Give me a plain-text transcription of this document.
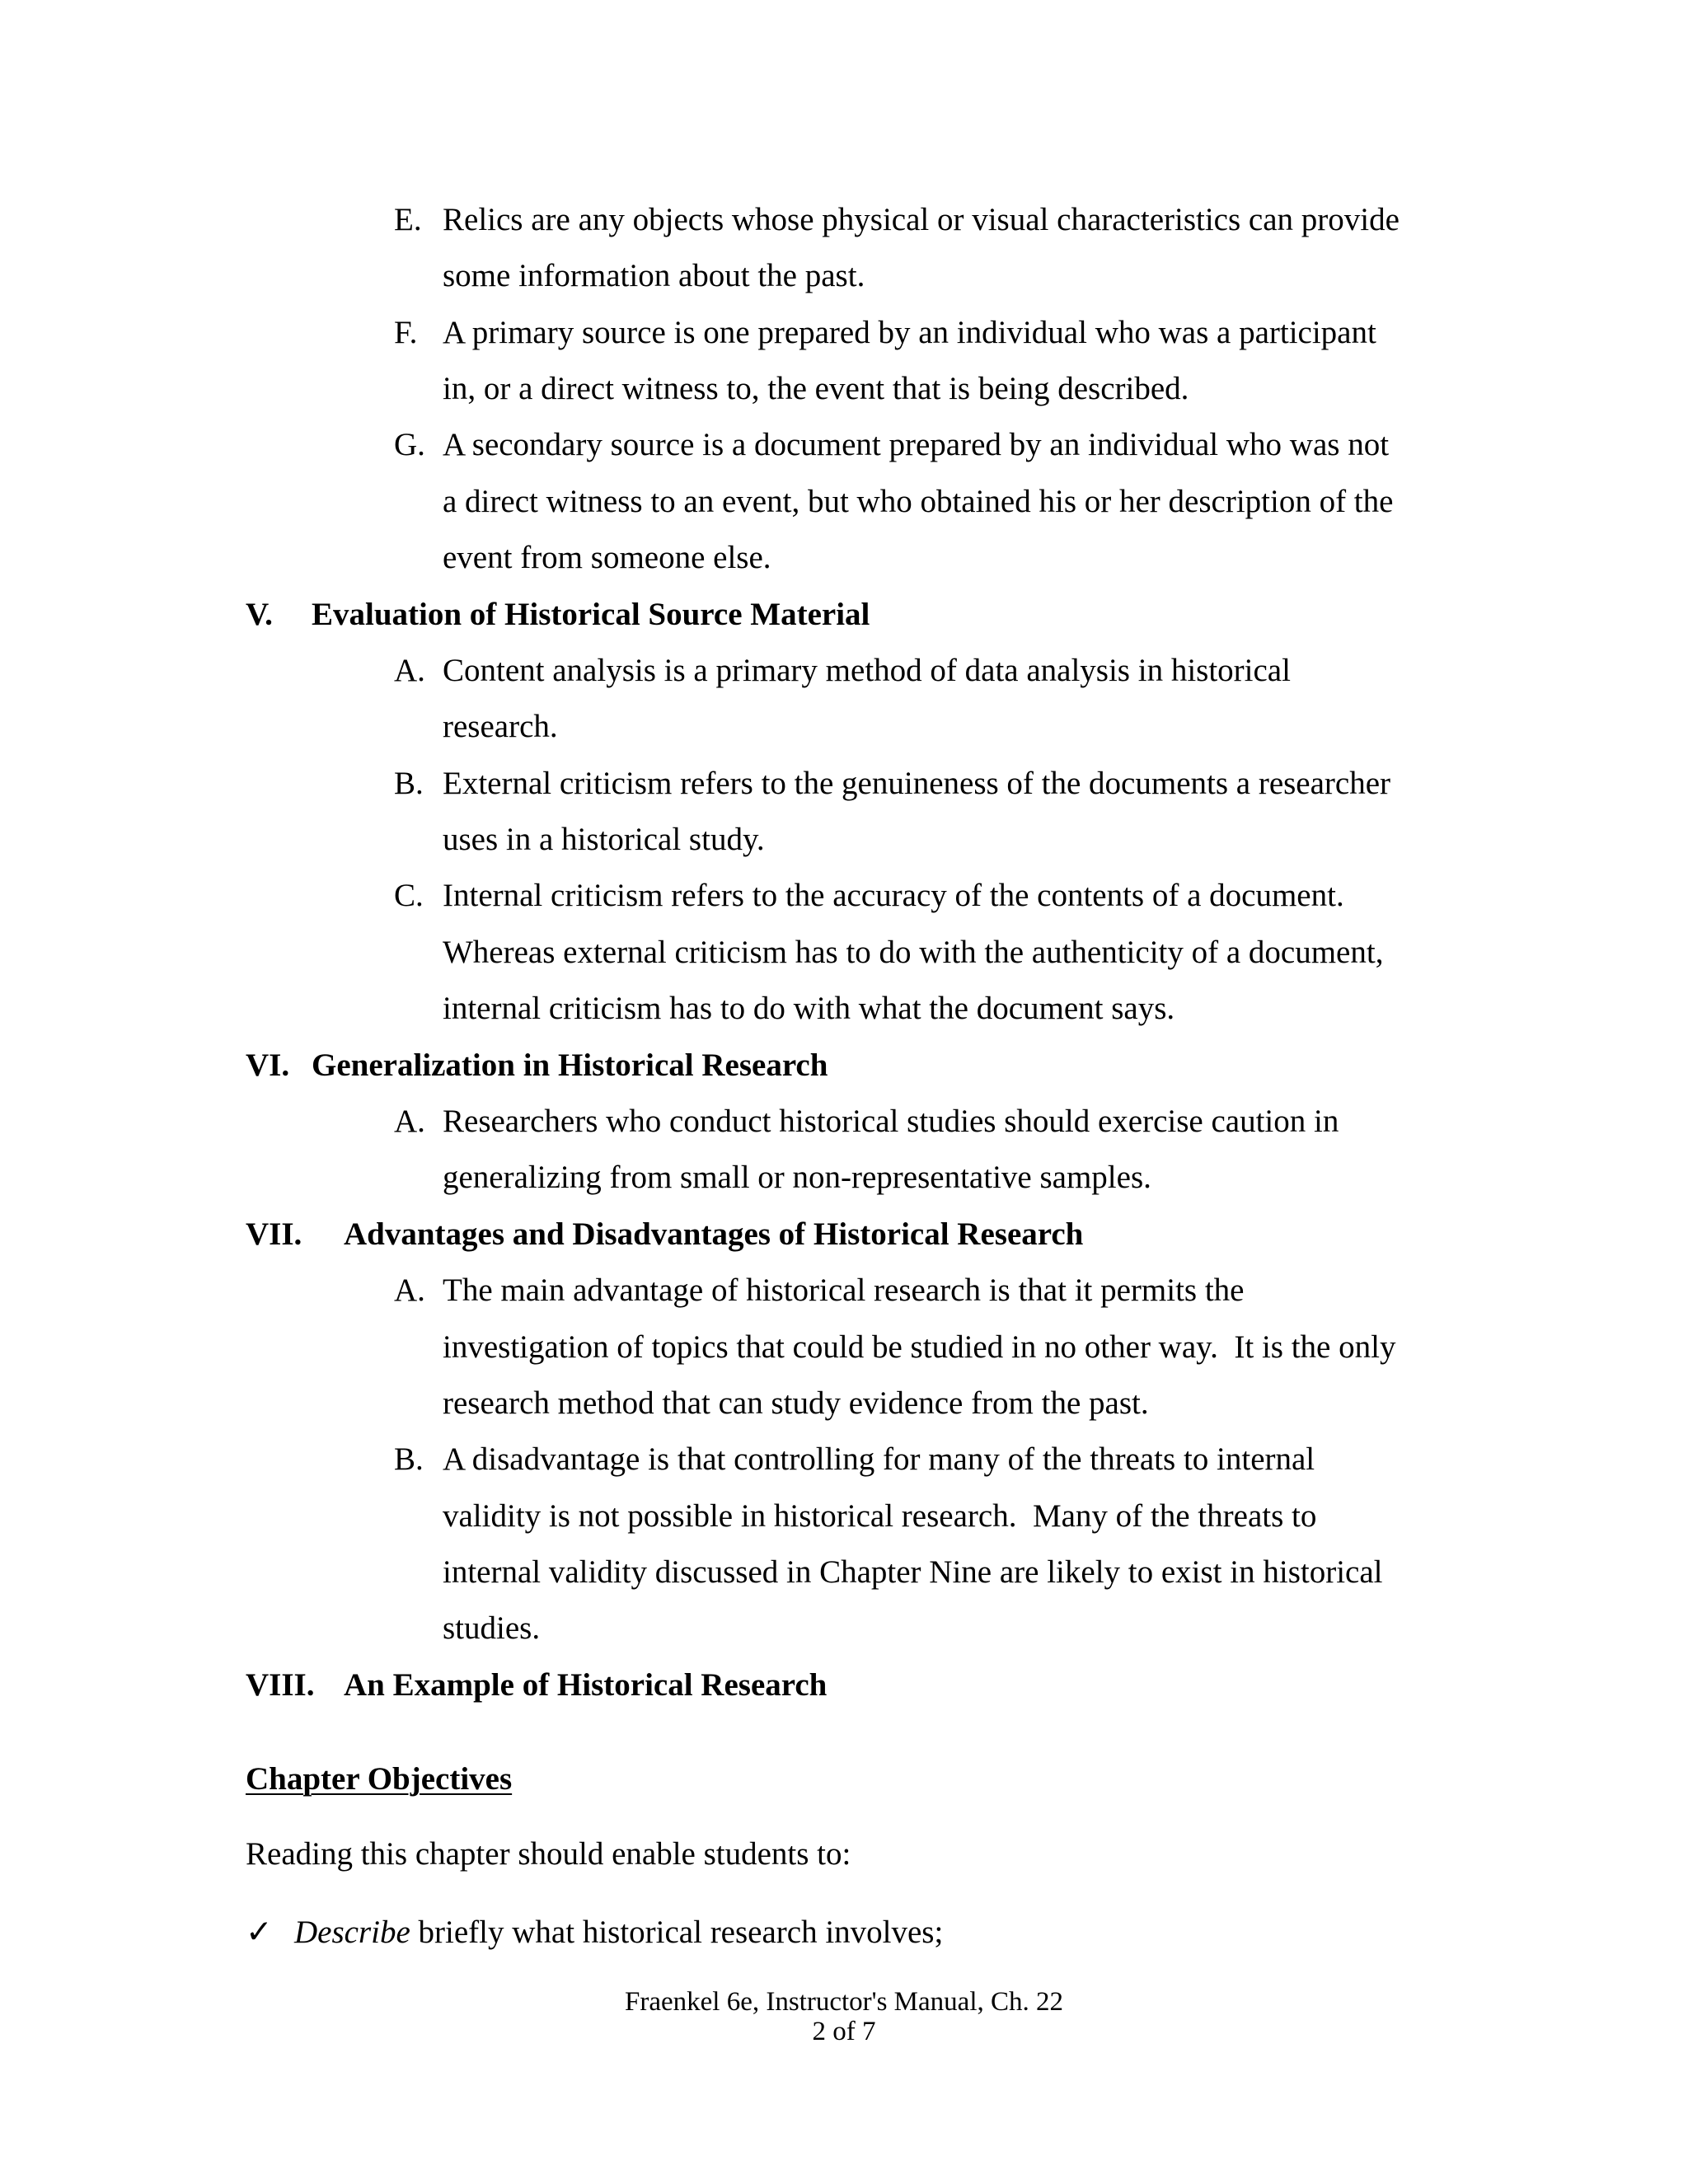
E. Relics are any objects whose physical or visual characteristics can provide
some information about the past.
F. A primary source is one prepared by an individual who was a participant
in, or a direct witness to, the event that is being described.
G. A secondary source is a document prepared by an individual who was not
a direct witness to an event, but who obtained his or her description of the
event from someone else.
V. Evaluation of Historical Source Material
A. Content analysis is a primary method of data analysis in historical
research.
B. External criticism refers to the genuineness of the documents a researcher
uses in a historical study.
C. Internal criticism refers to the accuracy of the contents of a document.
Whereas external criticism has to do with the authenticity of a document,
internal criticism has to do with what the document says.
VI. Generalization in Historical Research
A. Researchers who conduct historical studies should exercise caution in
generalizing from small or non-representative samples.
VII. Advantages and Disadvantages of Historical Research
A. The main advantage of historical research is that it permits the
investigation of topics that could be studied in no other way.  It is the only
research method that can study evidence from the past.
B. A disadvantage is that controlling for many of the threats to internal
validity is not possible in historical research.  Many of the threats to
internal validity discussed in Chapter Nine are likely to exist in historical
studies.
VIII. An Example of Historical Research
Chapter Objectives
Reading this chapter should enable students to:
✓ Describe briefly what historical research involves;
Fraenkel 6e, Instructor's Manual, Ch. 22
2 of 7
